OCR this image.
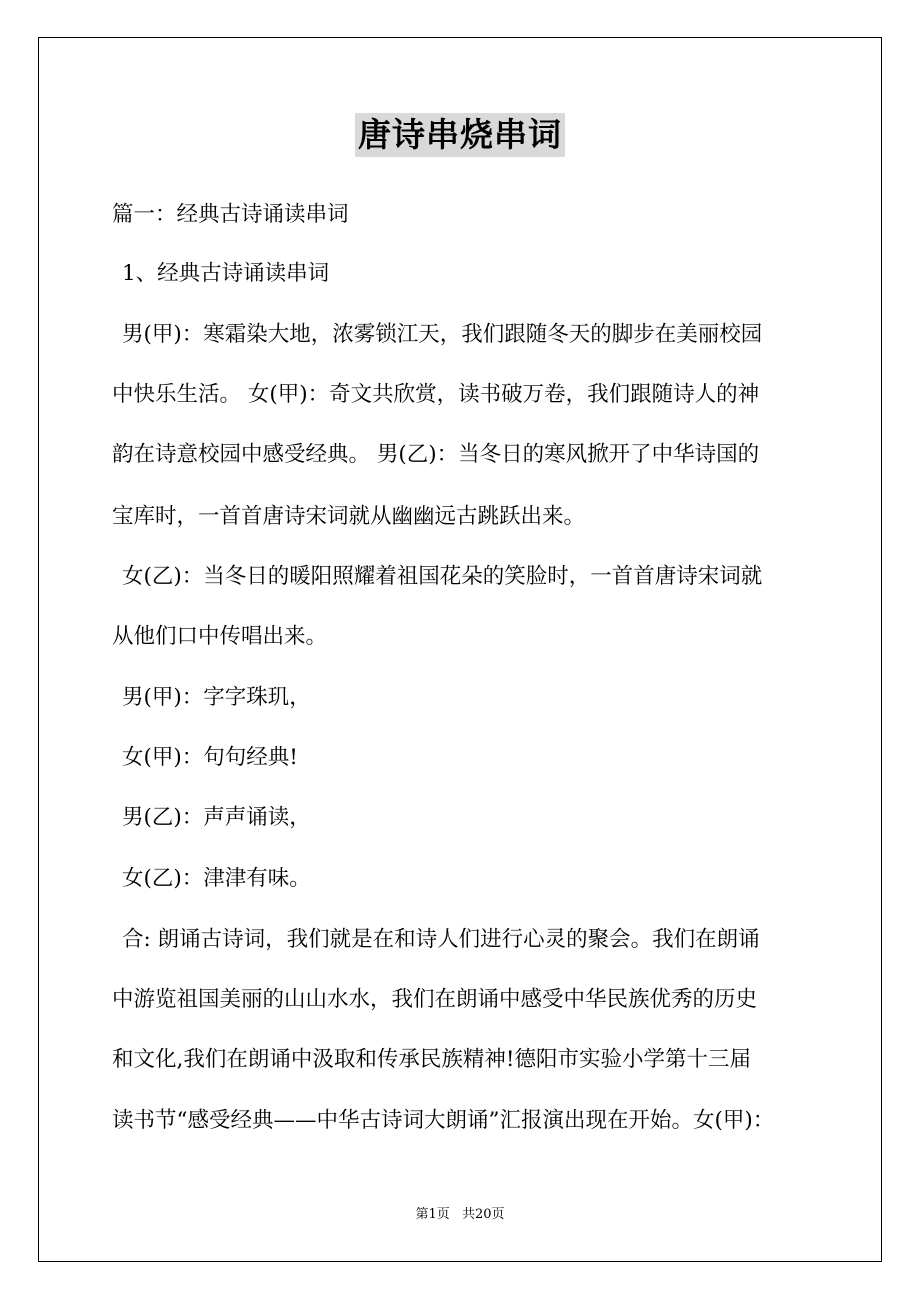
唐诗串烧串词
篇一：经典古诗诵读串词
1、经典古诗诵读串词
男(甲)：寒霜染大地，浓雾锁江天，我们跟随冬天的脚步在美丽校园
中快乐生活。 女(甲)：奇文共欣赏，读书破万卷，我们跟随诗人的神
韵在诗意校园中感受经典。 男(乙)：当冬日的寒风掀开了中华诗国的
宝库时，一首首唐诗宋词就从幽幽远古跳跃出来。
女(乙)：当冬日的暖阳照耀着祖国花朵的笑脸时，一首首唐诗宋词就
从他们口中传唱出来。
男(甲)：字字珠玑，
女(甲)：句句经典!
男(乙)：声声诵读，
女(乙)：津津有味。
合: 朗诵古诗词，我们就是在和诗人们进行心灵的聚会。我们在朗诵
中游览祖国美丽的山山水水，我们在朗诵中感受中华民族优秀的历史
和文化,我们在朗诵中汲取和传承民族精神!德阳市实验小学第十三届
读书节“感受经典——中华古诗词大朗诵”汇报演出现在开始。女(甲)：
第1页 共20页
